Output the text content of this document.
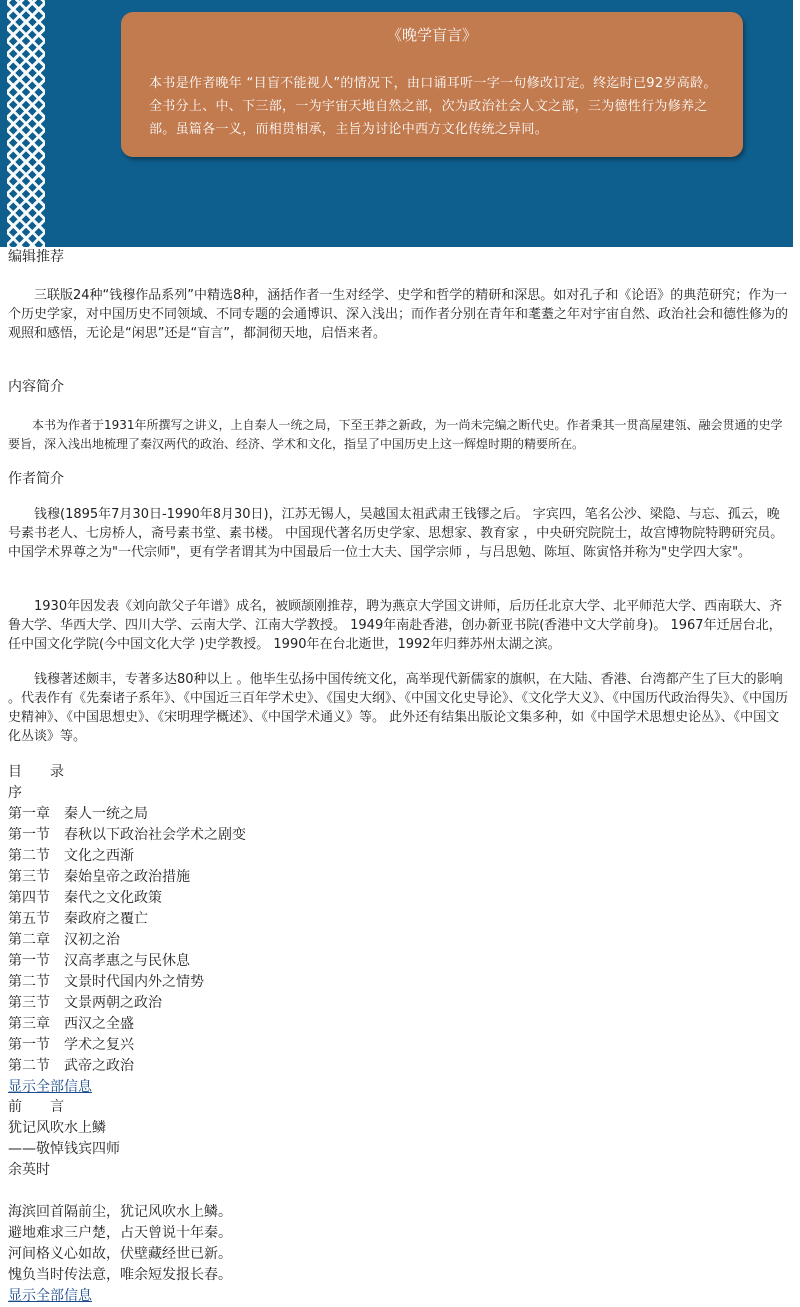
《晚学盲言》
本书是作者晚年 “目盲不能视人”的情况下，由口诵耳听一字一句修改订定。终迄时已92岁高龄。全书分上、中、下三部，一为宇宙天地自然之部，次为政治社会人文之部，三为德性行为修养之部。虽篇各一义，而相贯相承，主旨为讨论中西方文化传统之异同。
编辑推荐
三联版24种“钱穆作品系列”中精选8种，涵括作者一生对经学、史学和哲学的精研和深思。如对孔子和《论语》的典范研究；作为一个历史学家，对中国历史不同领域、不同专题的会通博识、深入浅出；而作者分别在青年和耄耋之年对宇宙自然、政治社会和德性修为的观照和感悟，无论是“闲思”还是“盲言”，都洞彻天地，启悟来者。
内容简介
本书为作者于1931年所撰写之讲义，上自秦人一统之局，下至王莽之新政，为一尚未完编之断代史。作者秉其一贯高屋建瓴、融会贯通的史学要旨，深入浅出地梳理了秦汉两代的政治、经济、学术和文化，指呈了中国历史上这一辉煌时期的精要所在。
作者简介
钱穆(1895年7月30日-1990年8月30日)，江苏无锡人，吴越国太祖武肃王钱镠之后。 字宾四，笔名公沙、梁隐、与忘、孤云，晚号素书老人、七房桥人，斋号素书堂、素书楼。 中国现代著名历史学家、思想家、教育家 ，中央研究院院士，故宫博物院特聘研究员。 中国学术界尊之为"一代宗师"，更有学者谓其为中国最后一位士大夫、国学宗师 ，与吕思勉、陈垣、陈寅恪并称为"史学四大家"。
1930年因发表《刘向歆父子年谱》成名，被顾颉刚推荐，聘为燕京大学国文讲师，后历任北京大学、北平师范大学、西南联大、齐鲁大学、华西大学、四川大学、云南大学、江南大学教授。 1949年南赴香港，创办新亚书院(香港中文大学前身)。 1967年迁居台北，任中国文化学院(今中国文化大学 )史学教授。 1990年在台北逝世，1992年归葬苏州太湖之滨。
钱穆著述颇丰，专著多达80种以上 。他毕生弘扬中国传统文化，高举现代新儒家的旗帜，在大陆、香港、台湾都产生了巨大的影响 。代表作有《先秦诸子系年》、《中国近三百年学术史》、《国史大纲》、《中国文化史导论》、《文化学大义》、《中国历代政治得失》、《中国历史精神》、《中国思想史》、《宋明理学概述》、《中国学术通义》等。 此外还有结集出版论文集多种，如《中国学术思想史论丛》、《中国文化丛谈》等。
目　　录
序
第一章 秦人一统之局
第一节 春秋以下政治社会学术之剧变
第二节 文化之西渐
第三节 秦始皇帝之政治措施
第四节 秦代之文化政策
第五节 秦政府之覆亡
第二章 汉初之治
第一节 汉高孝惠之与民休息
第二节 文景时代国内外之情势
第三节 文景两朝之政治
第三章 西汉之全盛
第一节 学术之复兴
第二节 武帝之政治
显示全部信息
前　　言
犹记风吹水上鳞
——敬悼钱宾四师
余英时
海滨回首隔前尘，犹记风吹水上鳞。
避地难求三户楚，占天曾说十年秦。
河间格义心如故，伏壁藏经世已新。
愧负当时传法意，唯余短发报长春。
显示全部信息
